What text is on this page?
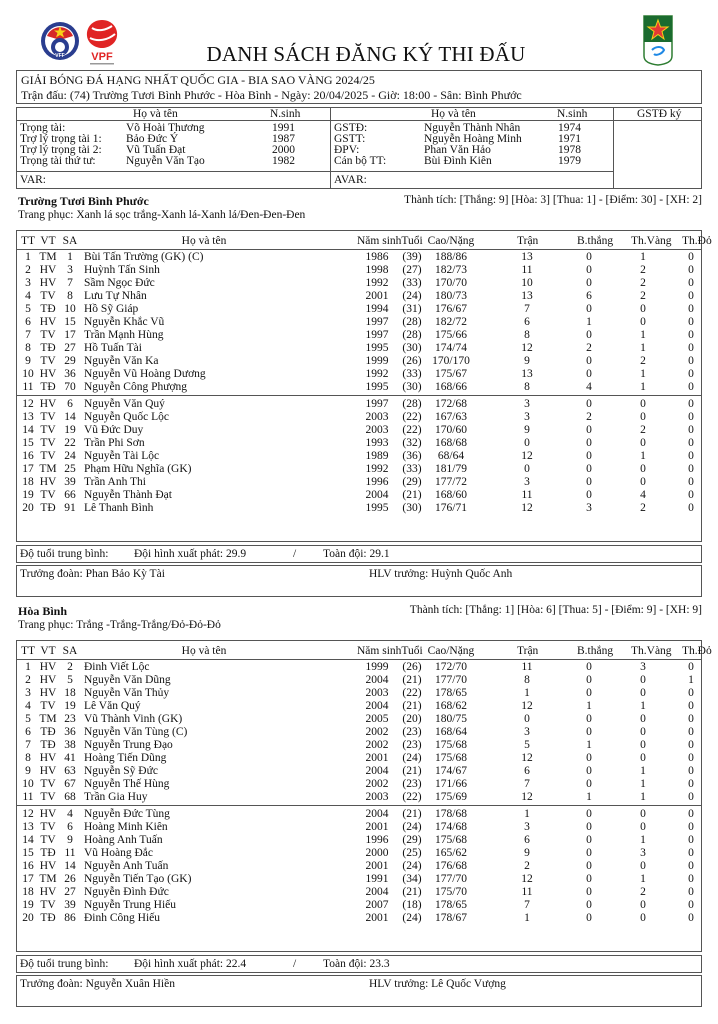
VFF VPF	DANH SÁCH ĐĂNG KÝ THI ĐẤU
GIẢI BÓNG ĐÁ HẠNG NHẤT QUỐC GIA - BIA SAO VÀNG 2024/25
Trận đấu: (74) Trường Tươi Bình Phước - Hòa Bình - Ngày: 20/04/2025 - Giờ: 18:00 - Sân: Bình Phước
Họ và tên	N.sinh	Họ và tên	N.sinh	GSTĐ ký
Trọng tài:	Võ Hoài Thương	1991
Trợ lý trọng tài 1: Bảo Đức Ý	1987
Trợ lý trọng tài 2: Vũ Tuấn Đạt	2000
Trọng tài thứ tư:	Nguyễn Văn Tạo	1982
GSTĐ:	Nguyễn Thành Nhân	1974
GSTT:	Nguyễn Hoàng Minh	1971
ĐPV:	Phan Văn Hảo	1978
Cán bộ TT:	Bùi Đình Kiên	1979
VAR:	AVAR:
Trường Tươi Bình Phước	Thành tích: [Thắng: 9] [Hòa: 3] [Thua: 1] - [Điểm: 30] - [XH: 2]
Trang phục: Xanh lá sọc trắng-Xanh lá-Xanh lá/Đen-Đen-Đen
TT VT SA	Họ và tên	Năm sinh Tuổi Cao/Nặng	Trận	B.thắng Th.Vàng Th.Đỏ
1 TM 1 Bùi Tấn Trường (GK) (C)	1986	(39)	188/86	13	0	1	0
2 HV 3 Huỳnh Tấn Sinh	1998	(27)	182/73	11	0	2	0
3 HV 7 Sầm Ngọc Đức	1992	(33)	170/70	10	0	2	0
4 TV 8 Lưu Tự Nhân	2001	(24)	180/73	13	6	2	0
5 TĐ 10 Hồ Sỹ Giáp	1994	(31)	176/67	7	0	0	0
6 HV 15 Nguyễn Khắc Vũ	1997	(28)	182/72	6	1	0	0
7 TV 17 Trần Mạnh Hùng	1997	(28)	175/66	8	0	1	0
8 TĐ 27 Hồ Tuấn Tài	1995	(30)	174/74	12	2	1	0
9 TV 29 Nguyễn Văn Ka	1999	(26) 170/170	9	0	2	0
10 HV 36 Nguyễn Vũ Hoàng Dương	1992	(33)	175/67	13	0	1	0
11 TĐ 70 Nguyễn Công Phượng	1995	(30)	168/66	8	4	1	0
12 HV 6 Nguyễn Văn Quý	1997	(28)	172/68	3	0	0	0
13 TV 14 Nguyễn Quốc Lộc	2003	(22)	167/63	3	2	0	0
14 TV 19 Vũ Đức Duy	2003	(22)	170/60	9	0	2	0
15 TV 22 Trần Phi Sơn	1993	(32)	168/68	0	0	0	0
16 TV 24 Nguyễn Tài Lộc	1989	(36)	68/64	12	0	1	0
17 TM 25 Phạm Hữu Nghĩa (GK)	1992	(33)	181/79	0	0	0	0
18 HV 39 Trần Anh Thi	1996	(29)	177/72	3	0	0	0
19 TV 66 Nguyễn Thành Đạt	2004	(21)	168/60	11	0	4	0
20 TĐ 91 Lê Thanh Bình	1995	(30)	176/71	12	3	2	0
Độ tuổi trung bình: Đội hình xuất phát: 29.9	/ Toàn đội: 29.1
Trưởng đoàn: Phan Bảo Kỳ Tài	HLV trưởng: Huỳnh Quốc Anh
Hòa Bình	Thành tích: [Thắng: 1] [Hòa: 6] [Thua: 5] - [Điểm: 9] - [XH: 9]
Trang phục: Trắng -Trắng-Trắng/Đỏ-Đỏ-Đỏ
TT VT SA	Họ và tên	Năm sinh Tuổi Cao/Nặng	Trận	B.thắng Th.Vàng Th.Đỏ
1 HV 2 Đinh Viết Lộc	1999	(26)	172/70	11	0	3	0
2 HV 5 Nguyễn Văn Dũng	2004	(21)	177/70	8	0	0	1
3 HV 18 Nguyễn Văn Thủy	2003	(22)	178/65	1	0	0	0
4 TV 19 Lê Văn Quý	2004	(21)	168/62	12	1	1	0
5 TM 23 Vũ Thành Vinh (GK)	2005	(20)	180/75	0	0	0	0
6 TĐ 36 Nguyễn Văn Tùng (C)	2002	(23)	168/64	3	0	0	0
7 TĐ 38 Nguyễn Trung Đạo	2002	(23)	175/68	5	1	0	0
8 HV 41 Hoàng Tiến Dũng	2001	(24)	175/68	12	0	0	0
9 HV 63 Nguyễn Sỹ Đức	2004	(21)	174/67	6	0	1	0
10 TV 67 Nguyễn Thế Hùng	2002	(23)	171/66	7	0	1	0
11 TV 68 Trần Gia Huy	2003	(22)	175/69	12	1	1	0
12 HV 4 Nguyễn Đức Tùng	2004	(21)	178/68	1	0	0	0
13 TV 6 Hoàng Minh Kiên	2001	(24)	174/68	3	0	0	0
14 TV 9 Hoàng Anh Tuấn	1996	(29)	175/68	6	0	1	0
15 TĐ 11 Vũ Hoàng Đắc	2000	(25)	165/62	9	0	3	0
16 HV 14 Nguyễn Anh Tuấn	2001	(24)	176/68	2	0	0	0
17 TM 26 Nguyễn Tiến Tạo (GK)	1991	(34)	177/70	12	0	1	0
18 HV 27 Nguyễn Đình Đức	2004	(21)	175/70	11	0	2	0
19 TV 39 Nguyễn Trung Hiếu	2007	(18)	178/65	7	0	0	0
20 TĐ 86 Đinh Công Hiếu	2001	(24)	178/67	1	0	0	0
Độ tuổi trung bình: Đội hình xuất phát: 22.4	/ Toàn đội: 23.3
Trưởng đoàn: Nguyễn Xuân Hiền	HLV trưởng: Lê Quốc Vượng
